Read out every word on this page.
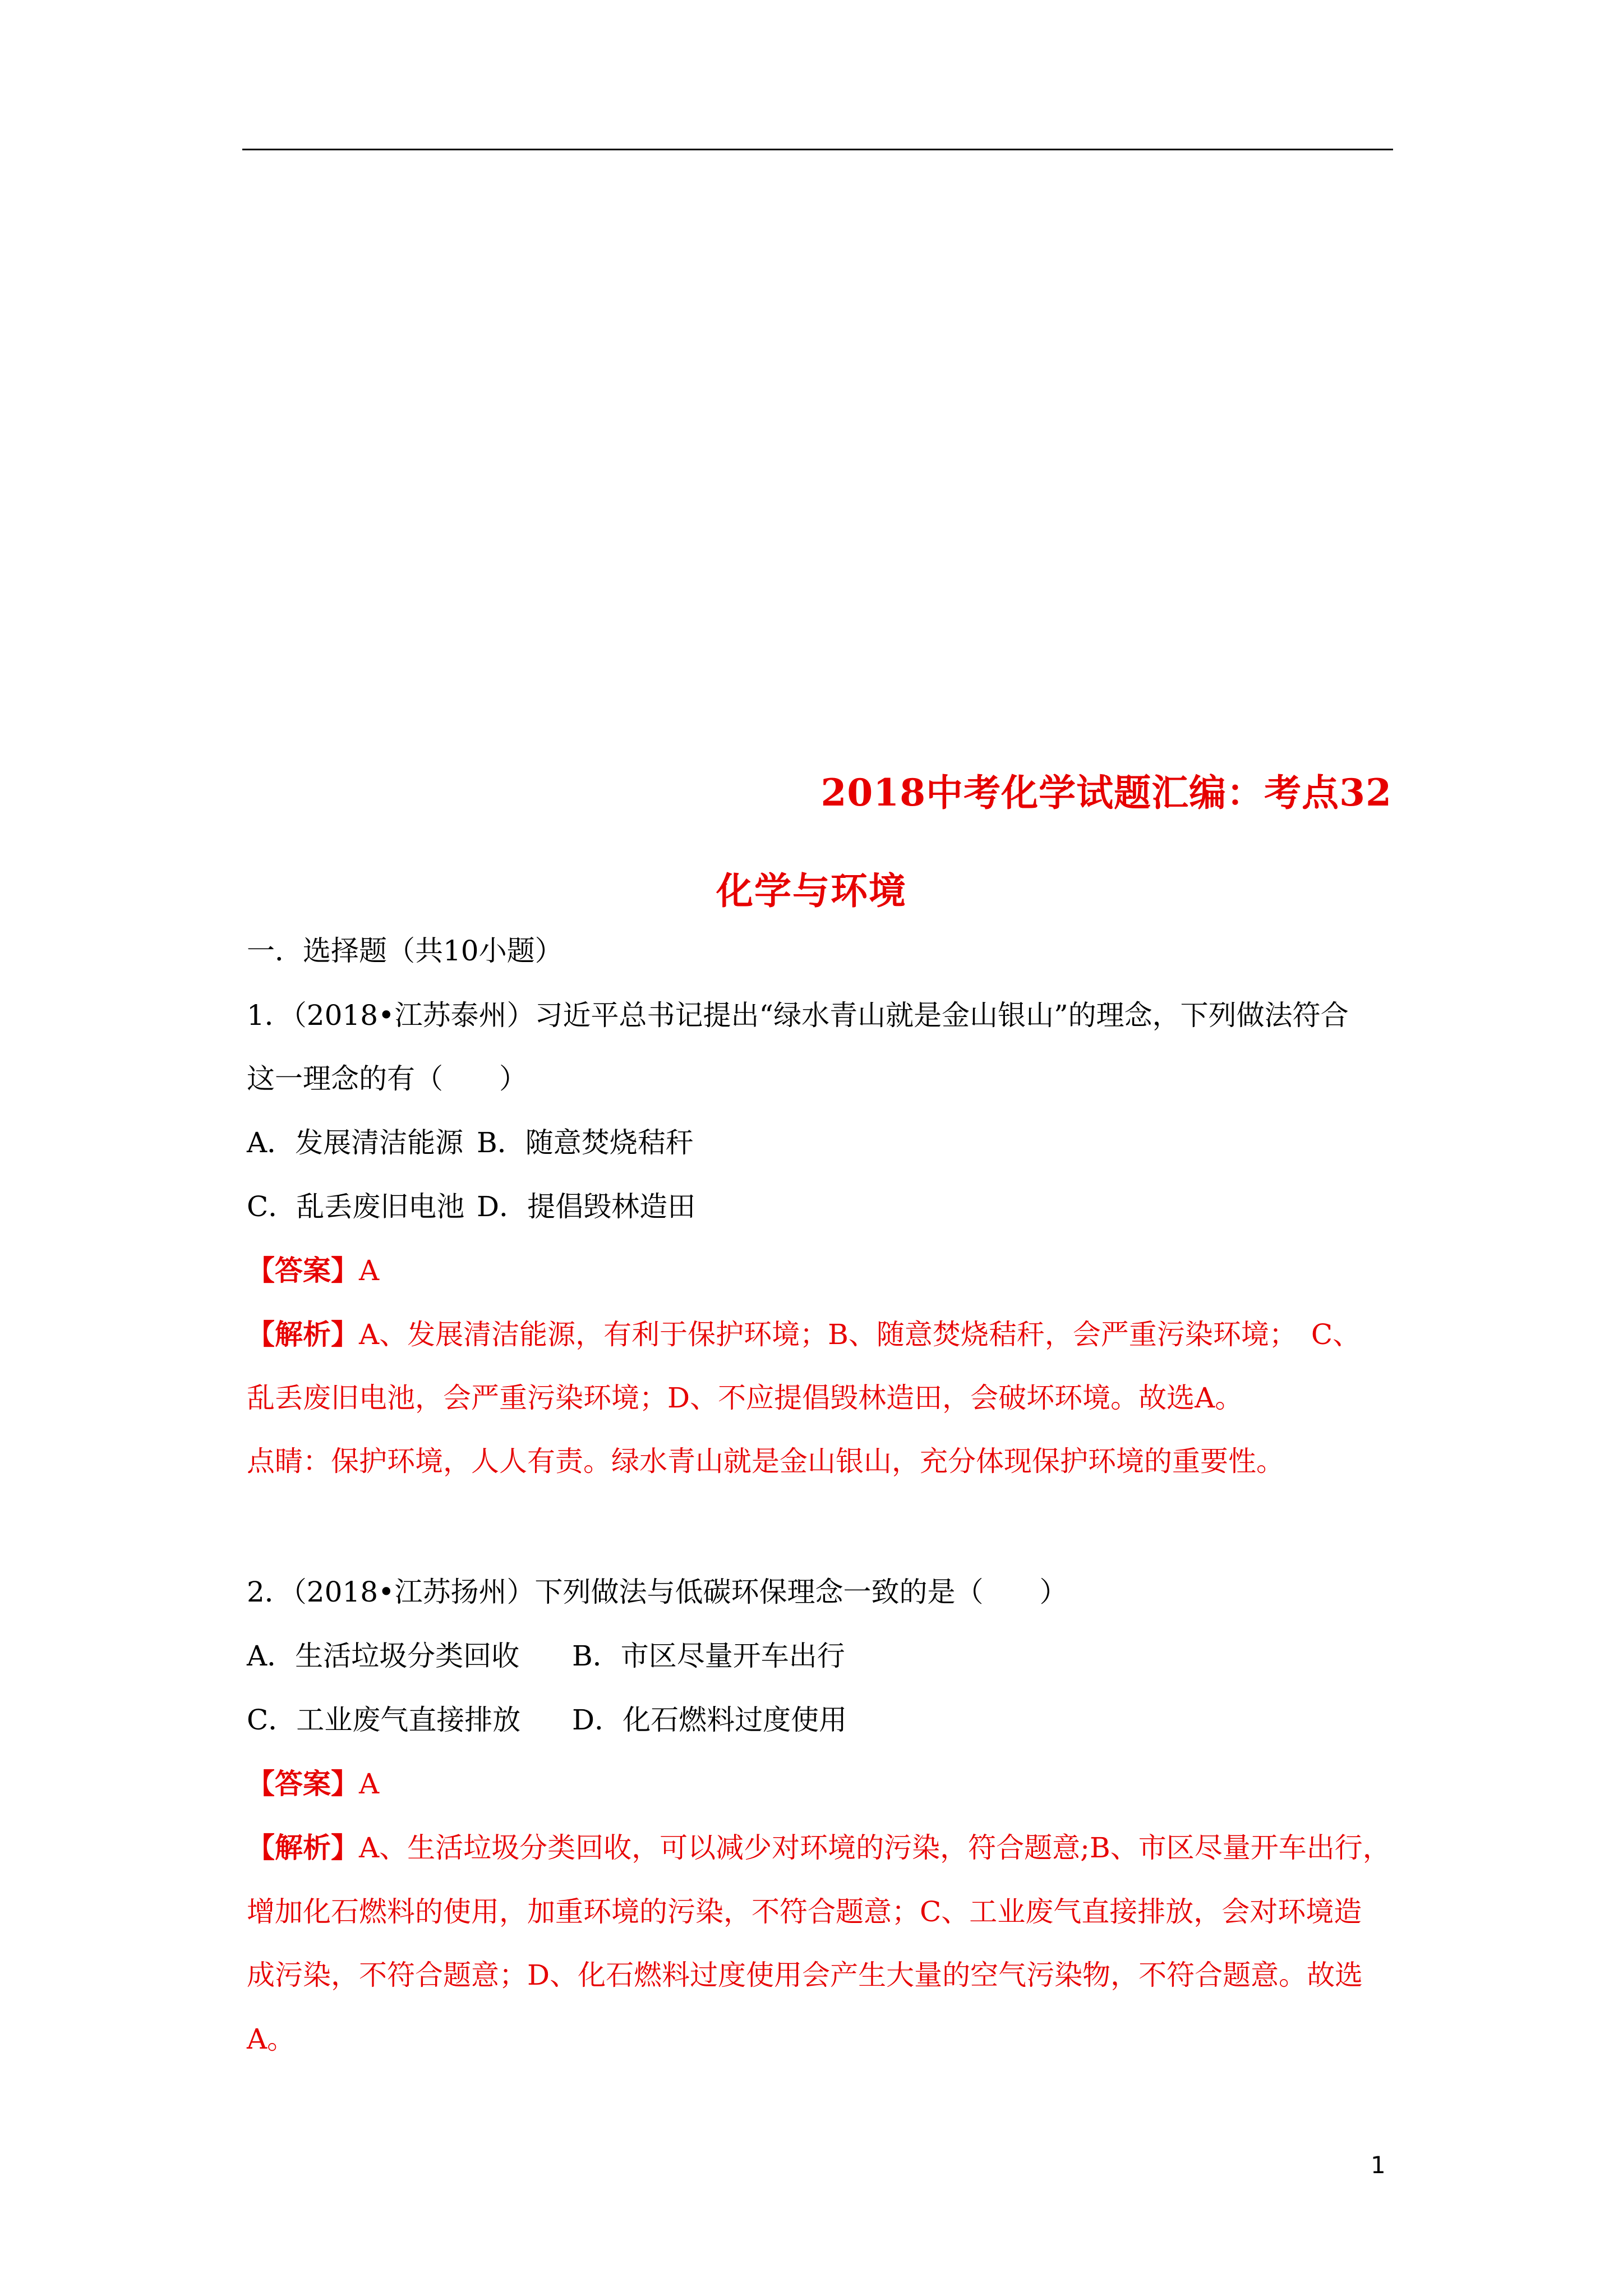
2018中考化学试题汇编：考点32
化学与环境

一．选择题（共10小题）

1．（2018•江苏泰州）习近平总书记提出“绿水青山就是金山银山”的理念，下列做法符合

这一理念的有（　　）

A．发展清洁能源 B．随意焚烧秸秆

C．乱丢废旧电池 D．提倡毁林造田

【答案】A

【解析】A、发展清洁能源，有利于保护环境；B、随意焚烧秸秆，会严重污染环境；　C、

乱丢废旧电池，会严重污染环境；D、不应提倡毁林造田，会破坏环境。故选A。

点睛：保护环境，人人有责。绿水青山就是金山银山，充分体现保护环境的重要性。

2．（2018•江苏扬州）下列做法与低碳环保理念一致的是（　　）

A．生活垃圾分类回收 B．市区尽量开车出行

C．工业废气直接排放 D．化石燃料过度使用

【答案】A

【解析】A、生活垃圾分类回收，可以减少对环境的污染，符合题意;B、市区尽量开车出行，

增加化石燃料的使用，加重环境的污染，不符合题意；C、工业废气直接排放，会对环境造

成污染，不符合题意；D、化石燃料过度使用会产生大量的空气污染物，不符合题意。故选

A。

1
